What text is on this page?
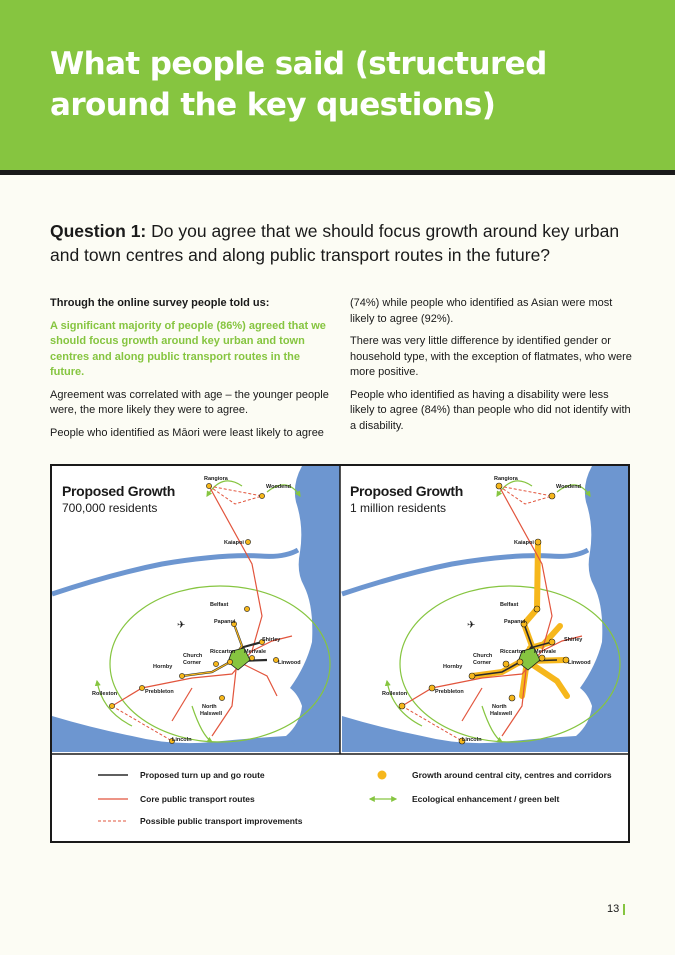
What people said (structured around the key questions)
Question 1: Do you agree that we should focus growth around key urban and town centres and along public transport routes in the future?

Through the online survey people told us:

A significant majority of people (86%) agreed that we should focus growth around key urban and town centres and along public transport routes in the future.

Agreement was correlated with age – the younger people were, the more likely they were to agree.

People who identified as Māori were least likely to agree

(74%) while people who identified as Asian were most likely to agree (92%).

There was very little difference by identified gender or household type, with the exception of flatmates, who were more positive.

People who identified as having a disability were less likely to agree (84%) than people who did not identify with a disability.

✈
Rangiora
Woodend
Kaiapoi
Belfast
Papanui
Shirley
Church
Corner
Riccarton Merivale
Linwood
Hornby
Rolleston	Prebbleton
North
Halswell
Lincoln
✈
Rangiora
Woodend
Kaiapoi
Belfast
Papanui
Shirley
Church
Corner
Riccarton Merivale
Linwood
Hornby
Rolleston	Prebbleton
North
Halswell
Lincoln
Proposed Growth
700,000 residents
Proposed Growth
1 million residents
Proposed turn up and go route
Core public transport routes
Possible public transport improvements
Growth around central city, centres and corridors
Ecological enhancement / green belt
13
